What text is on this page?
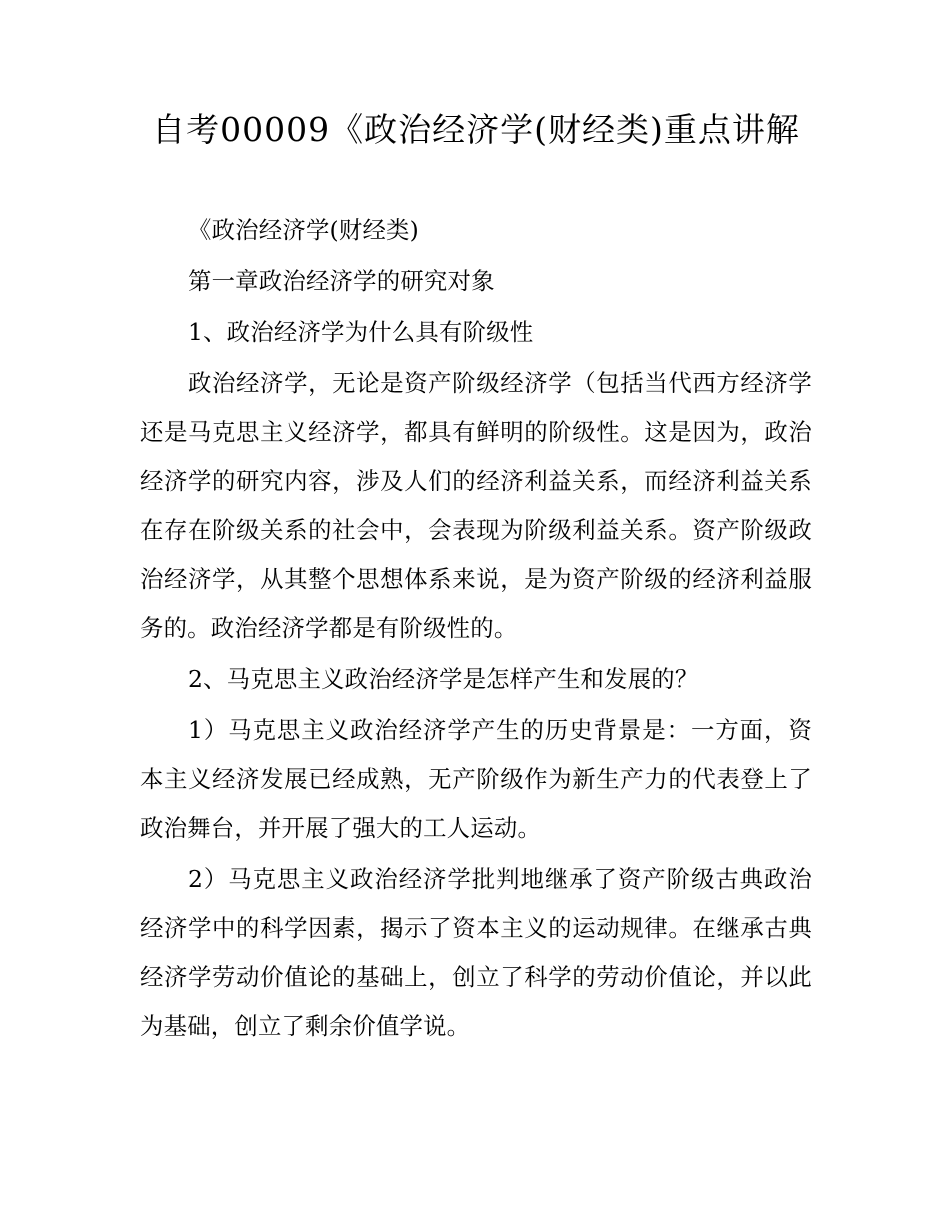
自考00009《政治经济学(财经类)重点讲解

《政治经济学(财经类)

第一章政治经济学的研究对象

1、政治经济学为什么具有阶级性

政治经济学，无论是资产阶级经济学（包括当代西方经济学还是马克思主义经济学，都具有鲜明的阶级性。这是因为，政治经济学的研究内容，涉及人们的经济利益关系，而经济利益关系在存在阶级关系的社会中，会表现为阶级利益关系。资产阶级政治经济学，从其整个思想体系来说，是为资产阶级的经济利益服务的。政治经济学都是有阶级性的。

2、马克思主义政治经济学是怎样产生和发展的？

1）马克思主义政治经济学产生的历史背景是：一方面，资本主义经济发展已经成熟，无产阶级作为新生产力的代表登上了政治舞台，并开展了强大的工人运动。

2）马克思主义政治经济学批判地继承了资产阶级古典政治经济学中的科学因素，揭示了资本主义的运动规律。在继承古典经济学劳动价值论的基础上，创立了科学的劳动价值论，并以此为基础，创立了剩余价值学说。
